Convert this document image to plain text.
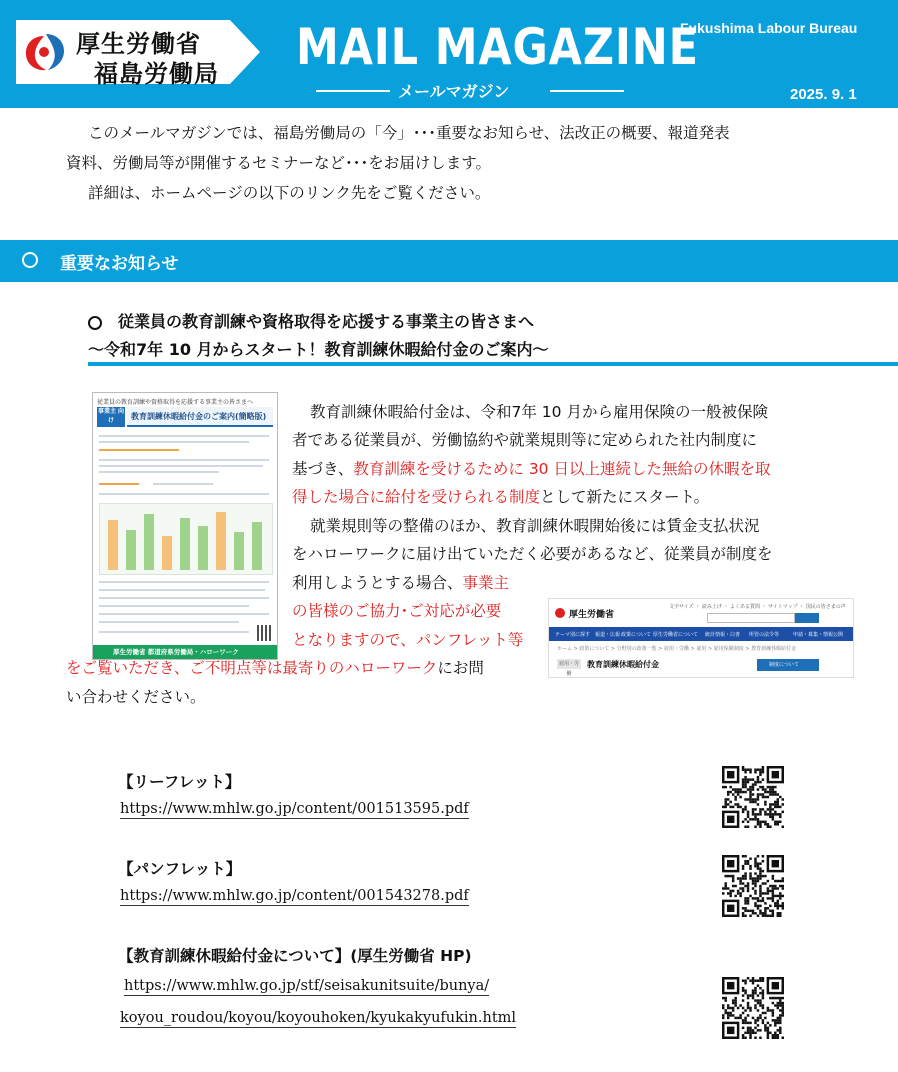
厚生労働省
福島労働局 MAIL MAGAZINE
メールマガジン
Fukushima Labour Bureau
2025. 9. 1
このメールマガジンでは、福島労働局の「今」･･･重要なお知らせ、法改正の概要、報道発表
資料、労働局等が開催するセミナーなど･･･をお届けします。
詳細は、ホームページの以下のリンク先をご覧ください。
重要なお知らせ
従業員の教育訓練や資格取得を応援する事業主の皆さまへ
～令和7年 10 月からスタート！教育訓練休暇給付金のご案内～
従業員の教育訓練や資格取得を応援する事業主の皆さまへ
事業主 向け	教育訓練休暇給付金のご案内(簡略版)
厚生労働省 都道府県労働局・ハローワーク
教育訓練休暇給付金は、令和7年 10 月から雇用保険の一般被保険
者である従業員が、労働協約や就業規則等に定められた社内制度に
基づき、教育訓練を受けるために 30 日以上連続した無給の休暇を取
得した場合に給付を受けられる制度として新たにスタート。
就業規則等の整備のほか、教育訓練休暇開始後には賃金支払状況
をハローワークに届け出ていただく必要があるなど、従業員が制度を
利用しようとする場合、事業主
の皆様のご協力･ご対応が必要
となりますので、パンフレット等
をご覧いただき、ご不明点等は最寄りのハローワークにお問
い合わせください。
厚生労働省
文字サイズ ・ 読み上げ ・ よくある質問 ・ サイトマップ ・ 国民の皆さまの声
テーマ別に探す 報道・広報 政策について 厚生労働省について 統計情報・白書 所管の法令等	申請・募集・情報公開
ホーム > 政策について > 分野別の政策一覧 > 雇用・労働 > 雇用 > 雇用保険制度 > 教育訓練休暇給付金
雇用・労働
教育訓練休暇給付金	制度について
【リーフレット】
https://www.mhlw.go.jp/content/001513595.pdf
【パンフレット】
https://www.mhlw.go.jp/content/001543278.pdf
【教育訓練休暇給付金について】(厚生労働省 HP)
https://www.mhlw.go.jp/stf/seisakunitsuite/bunya/
koyou_roudou/koyou/koyouhoken/kyukakyufukin.html
